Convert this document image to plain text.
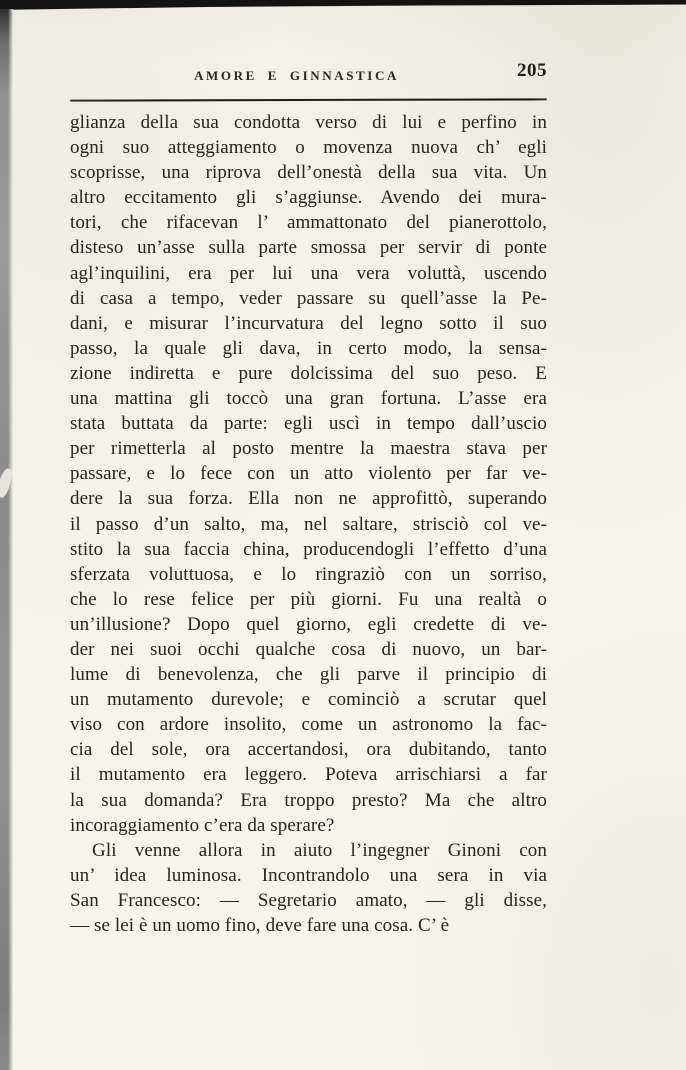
AMORE E GINNASTICA	205

glianza della sua condotta verso di lui e perfino in
ogni suo atteggiamento o movenza nuova ch’ egli
scoprisse, una riprova dell’onestà della sua vita. Un
altro eccitamento gli s’aggiunse. Avendo dei mura-
tori, che rifacevan l’ ammattonato del pianerottolo,
disteso un’asse sulla parte smossa per servir di ponte
agl’inquilini, era per lui una vera voluttà, uscendo
di casa a tempo, veder passare su quell’asse la Pe-
dani, e misurar l’incurvatura del legno sotto il suo
passo, la quale gli dava, in certo modo, la sensa-
zione indiretta e pure dolcissima del suo peso. E
una mattina gli toccò una gran fortuna. L’asse era
stata buttata da parte: egli uscì in tempo dall’uscio
per rimetterla al posto mentre la maestra stava per
passare, e lo fece con un atto violento per far ve-
dere la sua forza. Ella non ne approfittò, superando
il passo d’un salto, ma, nel saltare, strisciò col ve-
stito la sua faccia china, producendogli l’effetto d’una
sferzata voluttuosa, e lo ringraziò con un sorriso,
che lo rese felice per più giorni. Fu una realtà o
un’illusione? Dopo quel giorno, egli credette di ve-
der nei suoi occhi qualche cosa di nuovo, un bar-
lume di benevolenza, che gli parve il principio di
un mutamento durevole; e cominciò a scrutar quel
viso con ardore insolito, come un astronomo la fac-
cia del sole, ora accertandosi, ora dubitando, tanto
il mutamento era leggero. Poteva arrischiarsi a far
la sua domanda? Era troppo presto? Ma che altro
incoraggiamento c’era da sperare?

Gli venne allora in aiuto l’ingegner Ginoni con
un’ idea luminosa. Incontrandolo una sera in via
San Francesco: — Segretario amato, — gli disse,
— se lei è un uomo fino, deve fare una cosa. C’ è
